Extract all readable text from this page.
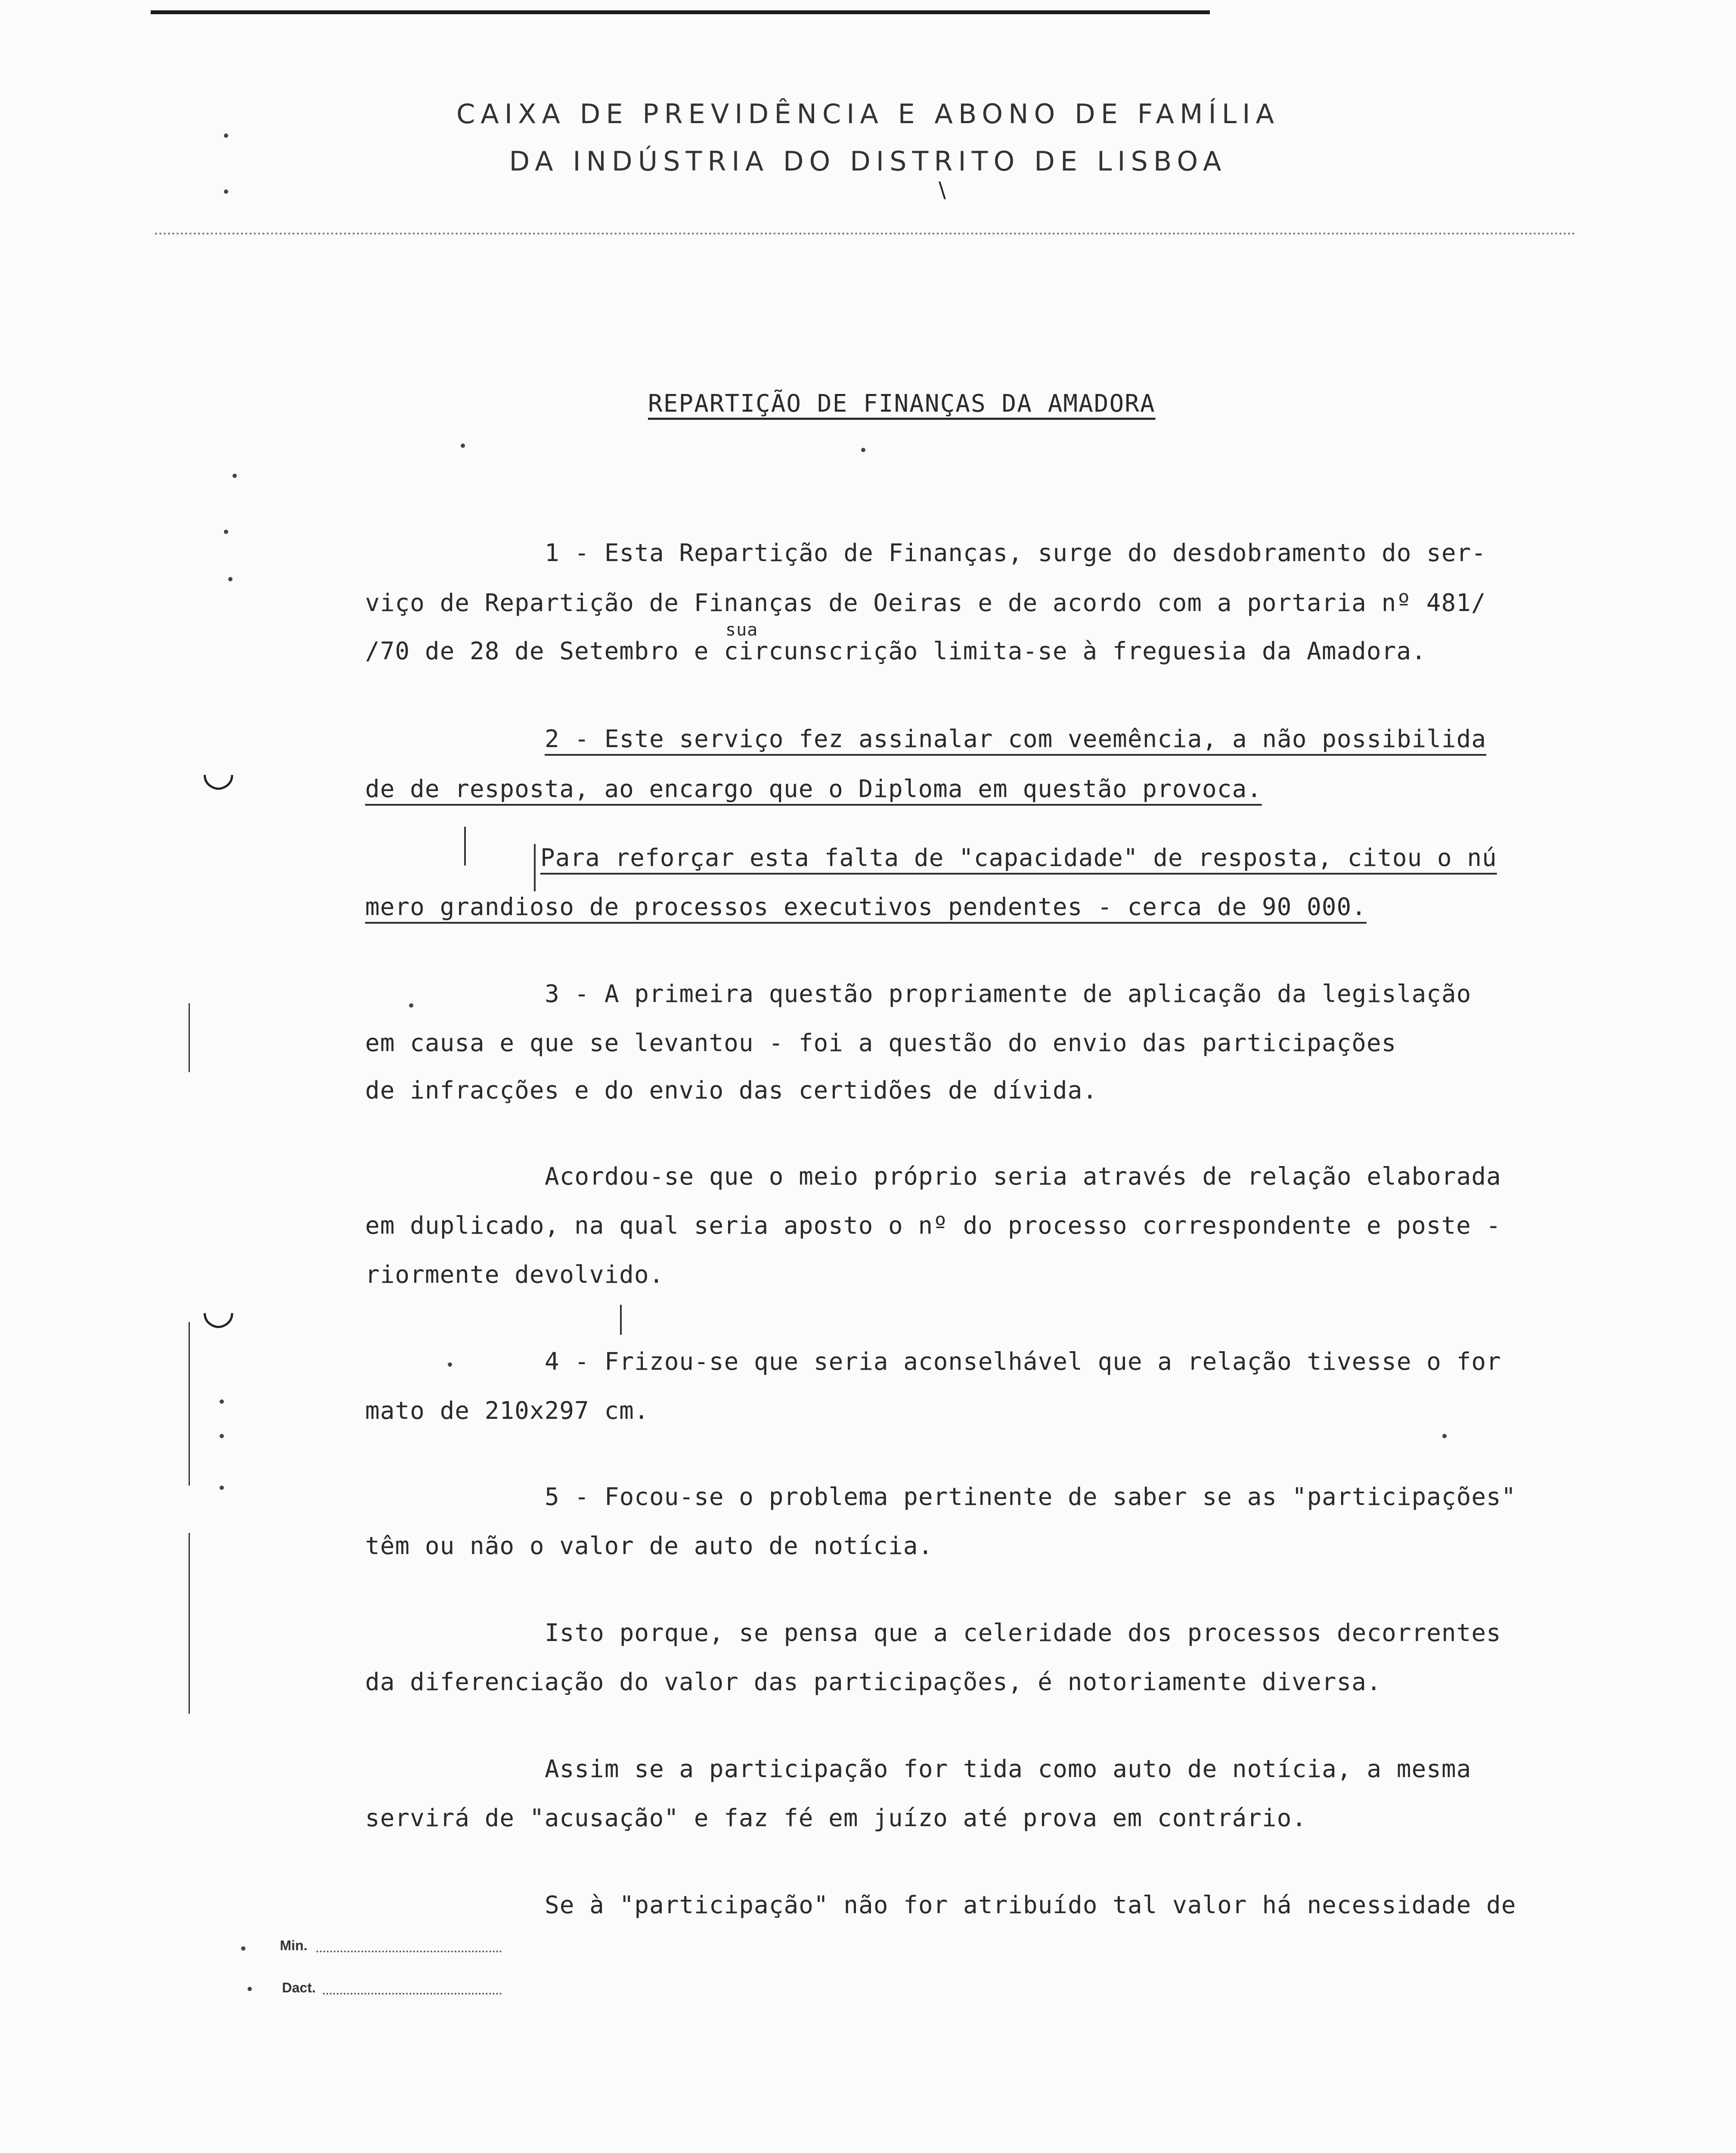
CAIXA DE PREVIDÊNCIA E ABONO DE FAMÍLIA
DA INDÚSTRIA DO DISTRITO DE LISBOA
\
REPARTIÇÃO DE FINANÇAS DA AMADORA
1 - Esta Repartição de Finanças, surge do desdobramento do ser-
viço de Repartição de Finanças de Oeiras e de acordo com a portaria nº 481/
sua
/70 de 28 de Setembro e circunscrição limita-se à freguesia da Amadora.
2 - Este serviço fez assinalar com veemência, a não possibilida
de de resposta, ao encargo que o Diploma em questão provoca.
Para reforçar esta falta de "capacidade" de resposta, citou o nú
mero grandioso de processos executivos pendentes - cerca de 90 000.
3 - A primeira questão propriamente de aplicação da legislação
em causa e que se levantou - foi a questão do envio das participações
de infracções e do envio das certidões de dívida.
Acordou-se que o meio próprio seria através de relação elaborada
em duplicado, na qual seria aposto o nº do processo correspondente e poste -
riormente devolvido.
4 - Frizou-se que seria aconselhável que a relação tivesse o for
mato de 210x297 cm.
5 - Focou-se o problema pertinente de saber se as "participações"
têm ou não o valor de auto de notícia.
Isto porque, se pensa que a celeridade dos processos decorrentes
da diferenciação do valor das participações, é notoriamente diversa.
Assim se a participação for tida como auto de notícia, a mesma
servirá de "acusação" e faz fé em juízo até prova em contrário.
Se à "participação" não for atribuído tal valor há necessidade de
◡
◡
Min.
Dact.
